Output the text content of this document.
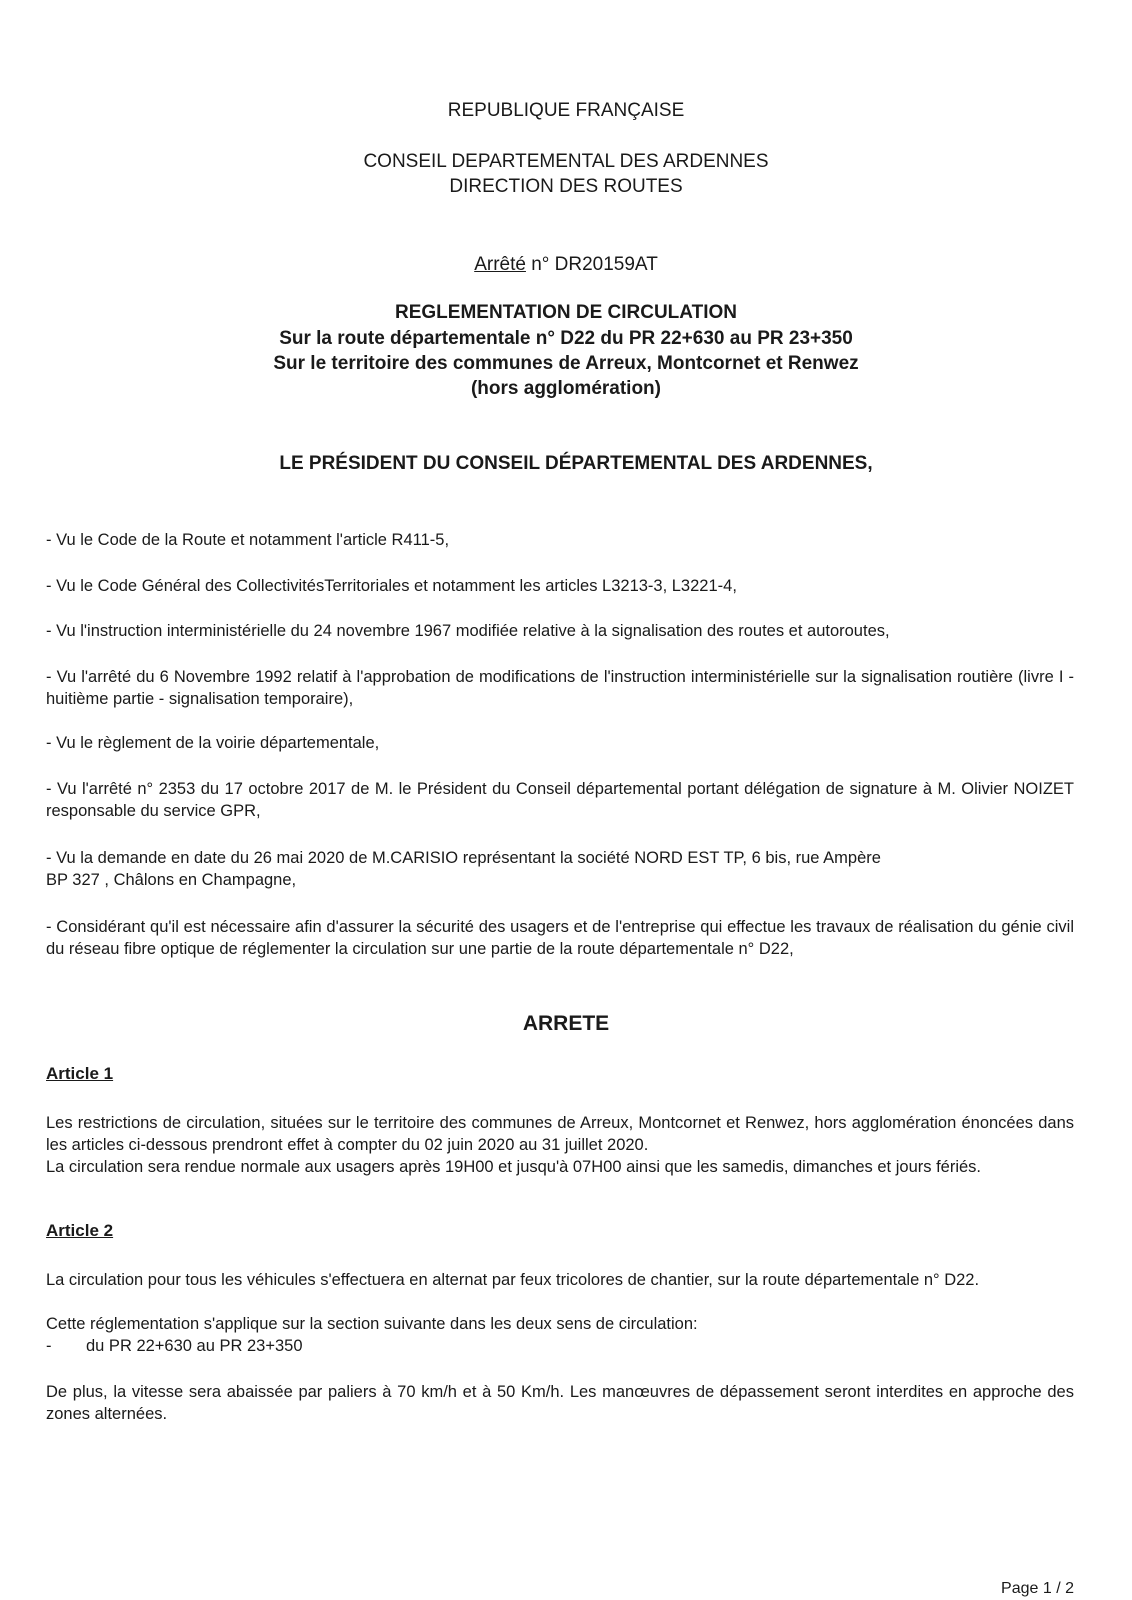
REPUBLIQUE FRANÇAISE
CONSEIL DEPARTEMENTAL DES ARDENNES
DIRECTION DES ROUTES
Arrêté n° DR20159AT
REGLEMENTATION DE CIRCULATION
Sur la route départementale n° D22 du PR 22+630 au PR 23+350
Sur le territoire des communes de Arreux, Montcornet et Renwez
(hors agglomération)
LE PRÉSIDENT DU CONSEIL DÉPARTEMENTAL DES ARDENNES,
- Vu le Code de la Route et notamment l'article R411-5,
- Vu le Code Général des CollectivitésTerritoriales et notamment les articles L3213-3, L3221-4,
- Vu l'instruction interministérielle du 24 novembre 1967 modifiée relative à la signalisation des routes et autoroutes,
- Vu l'arrêté du 6 Novembre 1992 relatif à l'approbation de modifications de l'instruction interministérielle sur la signalisation routière (livre I -huitième partie - signalisation temporaire),
- Vu le règlement de la voirie départementale,
- Vu l'arrêté n° 2353 du 17 octobre 2017 de M. le Président du Conseil départemental portant délégation de signature à M. Olivier NOIZET responsable du service GPR,
- Vu la demande en date du 26 mai 2020 de M.CARISIO représentant la société NORD EST TP, 6 bis, rue Ampère
BP 327 , Châlons en Champagne,
- Considérant qu'il est nécessaire afin d'assurer la sécurité des usagers et de l'entreprise qui effectue les travaux de réalisation du génie civil du réseau fibre optique de réglementer la circulation sur une partie de la route départementale n° D22,
ARRETE
Article 1
Les restrictions de circulation, situées sur le territoire des communes de Arreux, Montcornet et Renwez, hors agglomération énoncées dans les articles ci-dessous prendront effet à compter du 02 juin 2020 au 31 juillet 2020.
La circulation sera rendue normale aux usagers après 19H00 et jusqu'à 07H00 ainsi que les samedis, dimanches et jours fériés.
Article 2
La circulation pour tous les véhicules s'effectuera en alternat par feux tricolores de chantier, sur la route départementale n° D22.
Cette réglementation s'applique sur la section suivante dans les deux sens de circulation:
- du PR 22+630 au PR 23+350
De plus, la vitesse sera abaissée par paliers à 70 km/h et à 50 Km/h. Les manœuvres de dépassement seront interdites en approche des zones alternées.
Page 1 / 2
